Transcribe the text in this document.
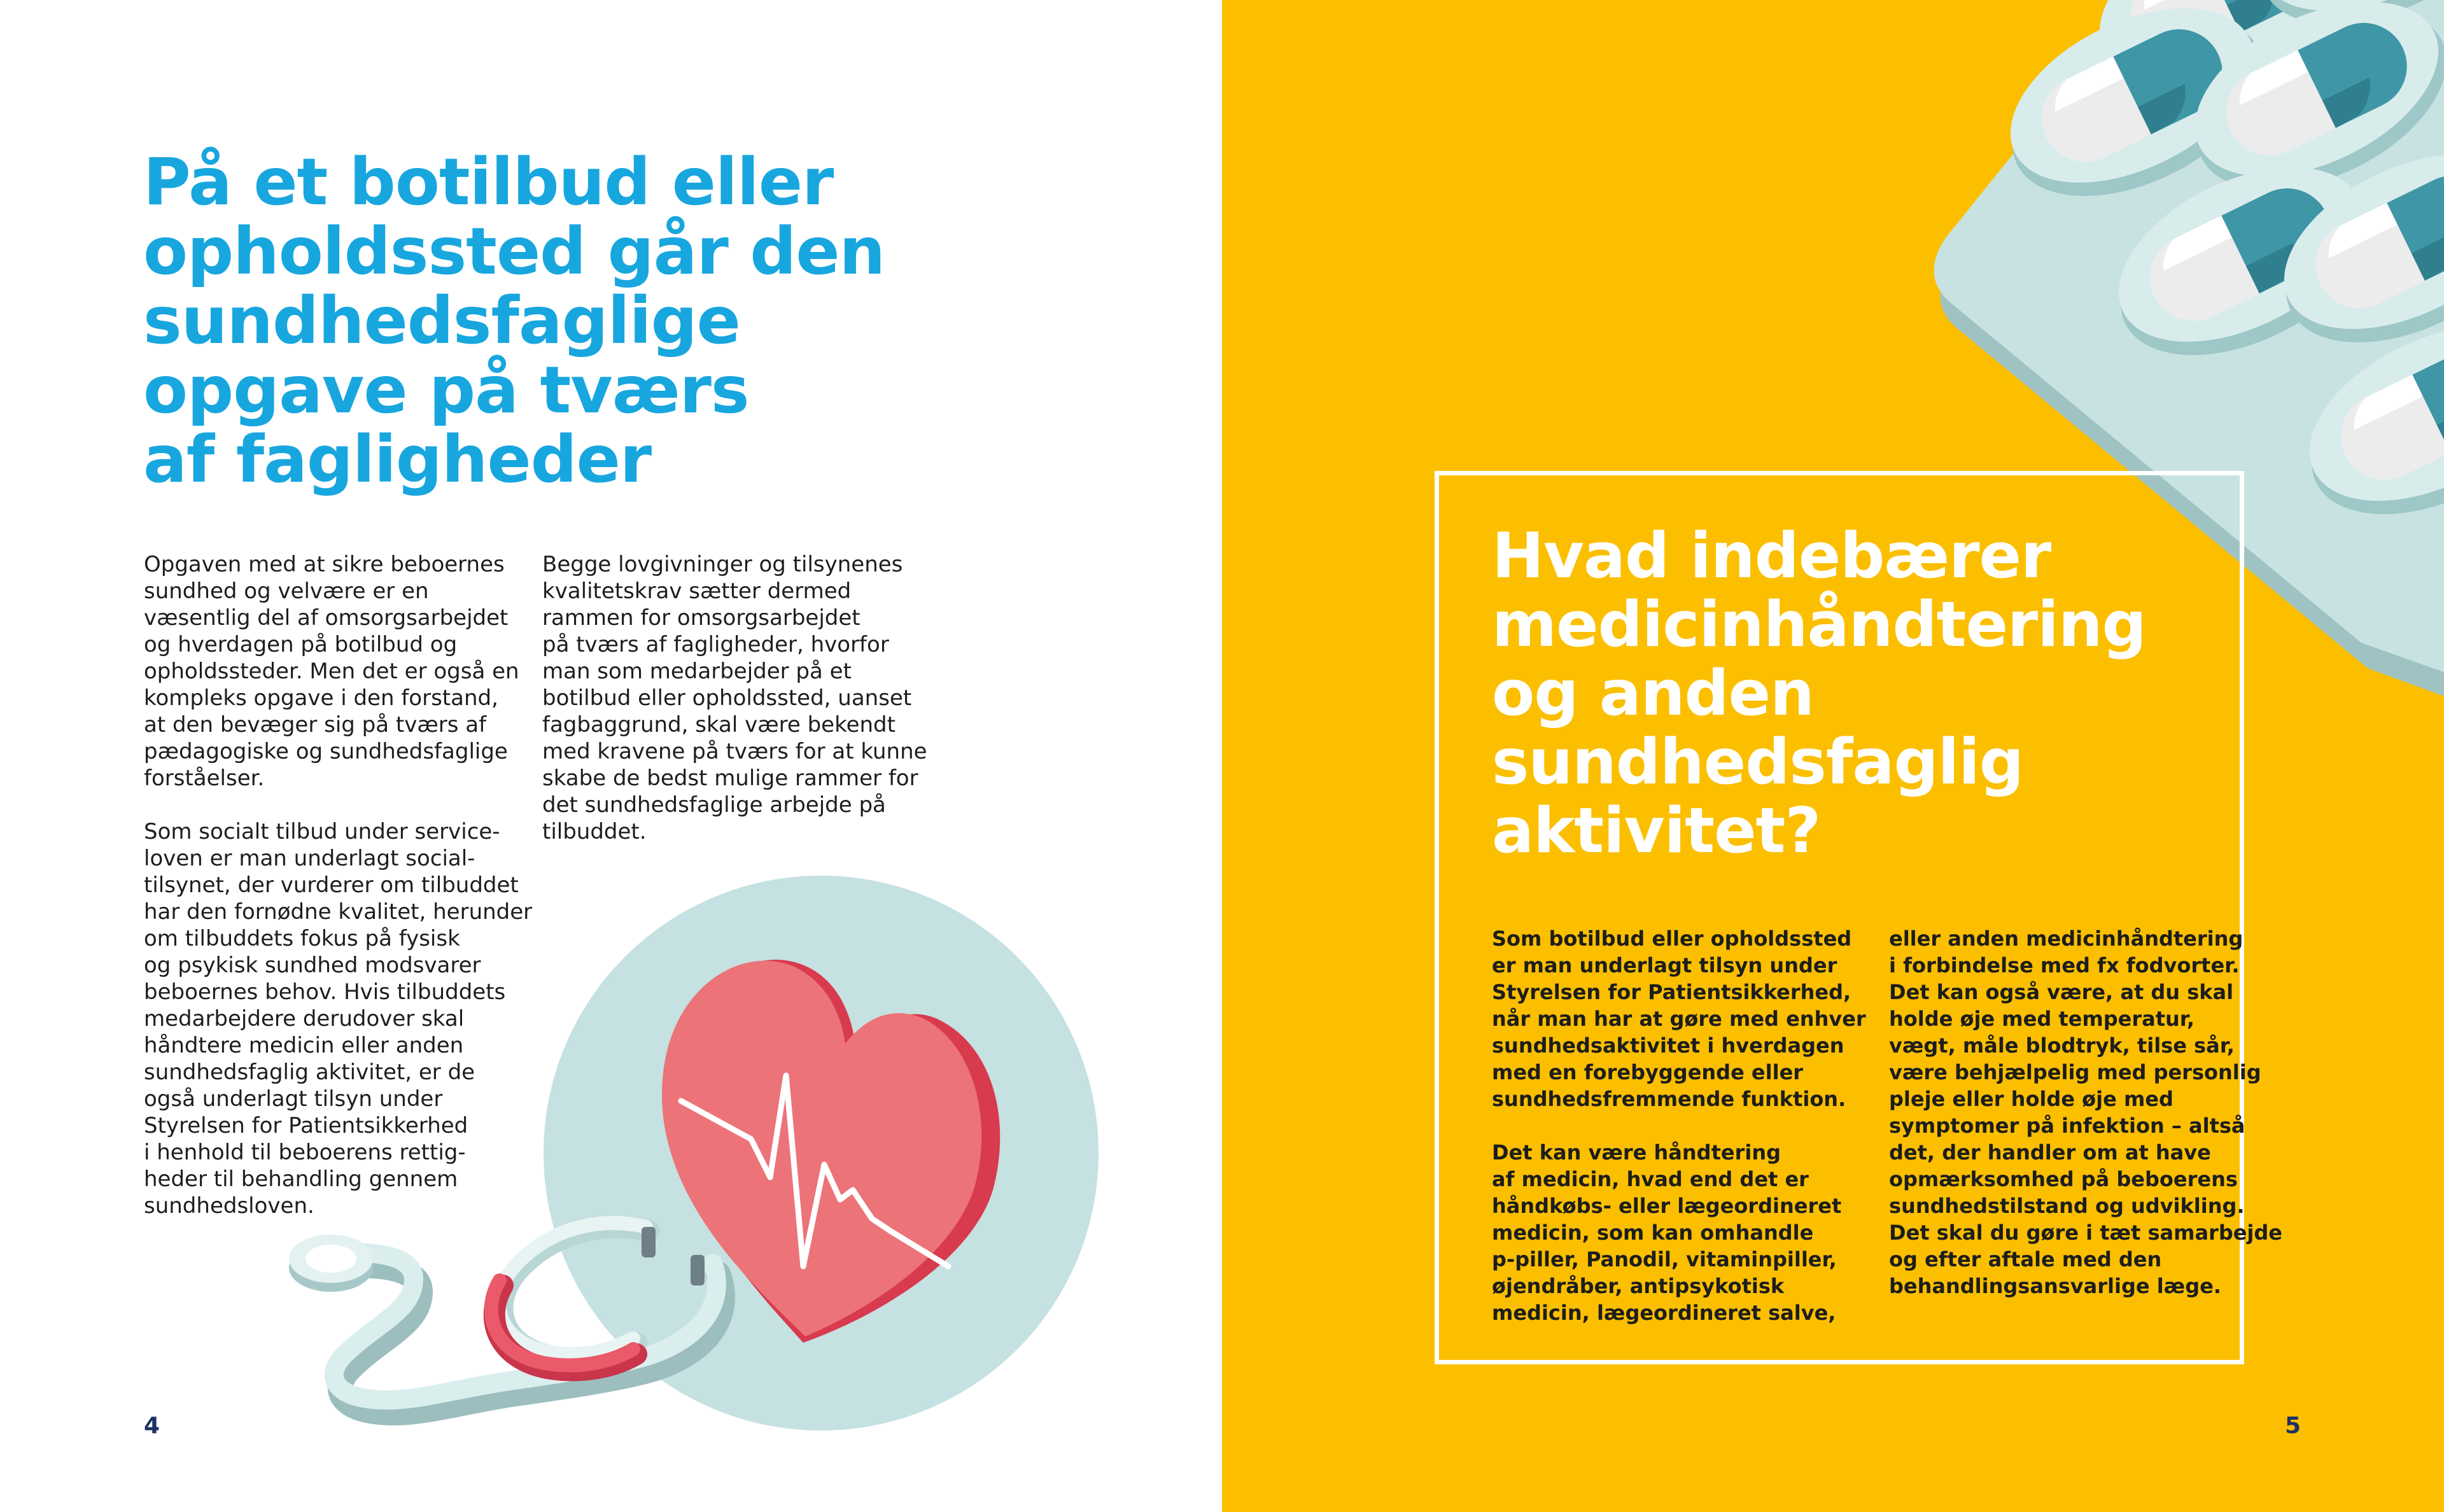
På et botilbud eller
opholdssted går den
sundhedsfaglige
opgave på tværs
af fagligheder

Opgaven med at sikre beboernes
sundhed og velvære er en
væsentlig del af omsorgsarbejdet
og hverdagen på botilbud og
opholdssteder. Men det er også en
kompleks opgave i den forstand,
at den bevæger sig på tværs af
pædagogiske og sundhedsfaglige
forståelser.

Som socialt tilbud under service-
loven er man underlagt social-
tilsynet, der vurderer om tilbuddet
har den fornødne kvalitet, herunder
om tilbuddets fokus på fysisk
og psykisk sundhed modsvarer
beboernes behov. Hvis tilbuddets
medarbejdere derudover skal
håndtere medicin eller anden
sundhedsfaglig aktivitet, er de
også underlagt tilsyn under
Styrelsen for Patientsikkerhed
i henhold til beboerens rettig-
heder til behandling gennem
sundhedsloven.

Begge lovgivninger og tilsynenes
kvalitetskrav sætter dermed
rammen for omsorgsarbejdet
på tværs af fagligheder, hvorfor
man som medarbejder på et
botilbud eller opholdssted, uanset
fagbaggrund, skal være bekendt
med kravene på tværs for at kunne
skabe de bedst mulige rammer for
det sundhedsfaglige arbejde på
tilbuddet.

4
Hvad indebærer
medicinhåndtering
og anden
sundhedsfaglig
aktivitet?

Som botilbud eller opholdssted
er man underlagt tilsyn under
Styrelsen for Patientsikkerhed,
når man har at gøre med enhver
sundhedsaktivitet i hverdagen
med en forebyggende eller
sundhedsfremmende funktion.

Det kan være håndtering
af medicin, hvad end det er
håndkøbs- eller lægeordineret
medicin, som kan omhandle
p-piller, Panodil, vitaminpiller,
øjendråber, antipsykotisk
medicin, lægeordineret salve,

eller anden medicinhåndtering
i forbindelse med fx fodvorter.
Det kan også være, at du skal
holde øje med temperatur,
vægt, måle blodtryk, tilse sår,
være behjælpelig med personlig
pleje eller holde øje med
symptomer på infektion – altså
det, der handler om at have
opmærksomhed på beboerens
sundhedstilstand og udvikling.
Det skal du gøre i tæt samarbejde
og efter aftale med den
behandlingsansvarlige læge.

5
